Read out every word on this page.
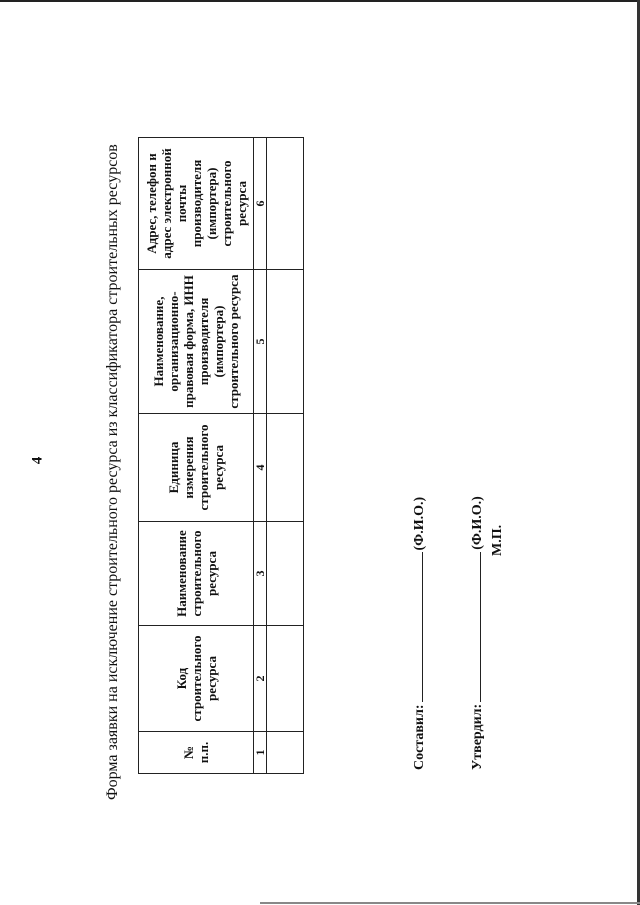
4	Форма заявки на исключение строительного ресурса из классификатора строительных ресурсов	№ п.п.	Код строительного ресурса	Наименование строительного ресурса	Единица измерения строительного ресурса	Наименование, организационно-правовая форма, ИНН производителя (импортера) строительного ресурса	Адрес, телефон и адрес электронной почты производителя (импортера) строительного ресурса
1	2	3	4	5	6

Составил:(Ф.И.О.)
Утвердил:(Ф.И.О.) М.П.
